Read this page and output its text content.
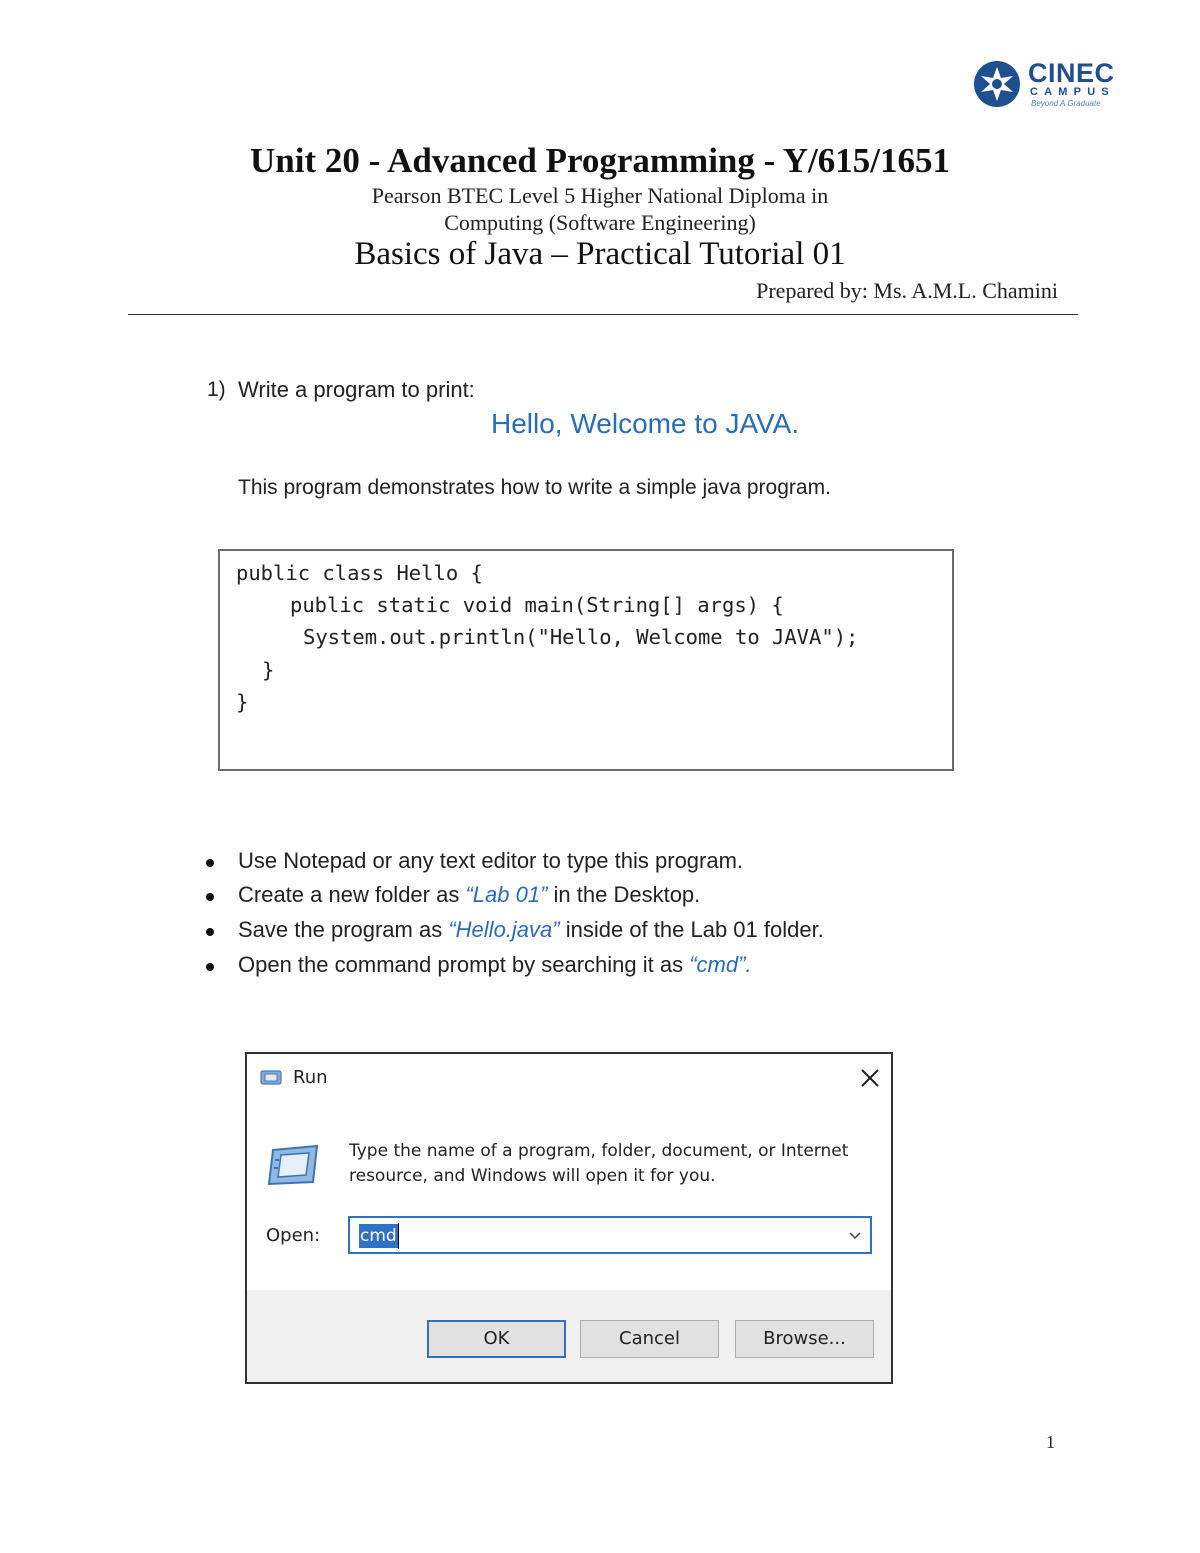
CINEC
CAMPUS
Beyond A Graduate
Unit 20 - Advanced Programming - Y/615/1651
Pearson BTEC Level 5 Higher National Diploma in
Computing (Software Engineering)
Basics of Java – Practical Tutorial 01
Prepared by: Ms. A.M.L. Chamini
1) Write a program to print:
Hello, Welcome to JAVA.
This program demonstrates how to write a simple java program.
public class Hello {
public static void main(String[] args) {
System.out.println("Hello, Welcome to JAVA");
}
}
Use Notepad or any text editor to type this program.
Create a new folder as “Lab 01” in the Desktop.
Save the program as “Hello.java” inside of the Lab 01 folder.
Open the command prompt by searching it as “cmd”.
Run
Type the name of a program, folder, document, or Internet resource, and Windows will open it for you.
Open: cmd
OK	Cancel	Browse...
1
